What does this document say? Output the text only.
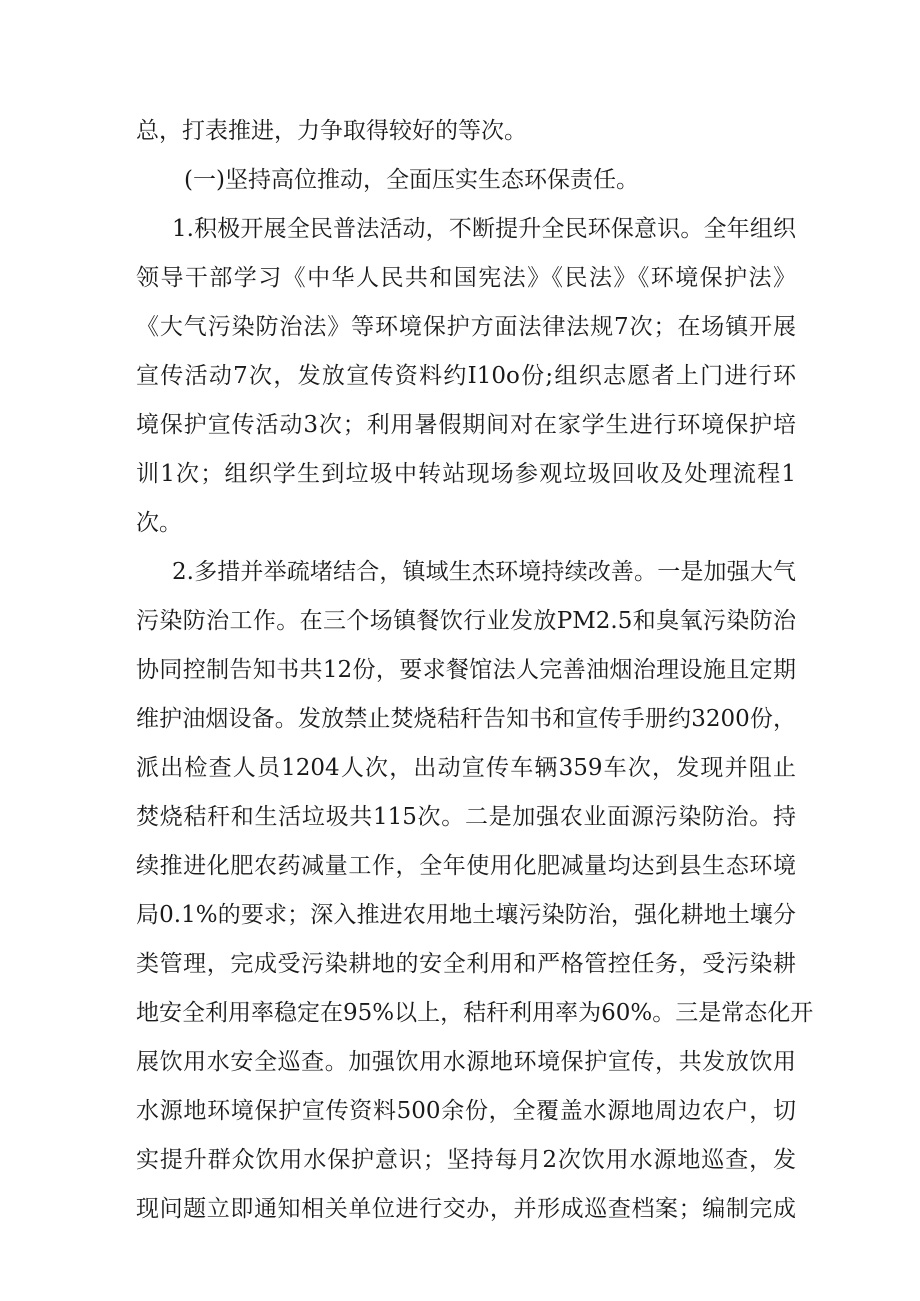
总，打表推进，力争取得较好的等次。
(一)坚持高位推动，全面压实生态环保责任。
1.积极开展全民普法活动，不断提升全民环保意识。全年组织
领导干部学习《中华人民共和国宪法》《民法》《环境保护法》
《大气污染防治法》等环境保护方面法律法规7次；在场镇开展
宣传活动7次，发放宣传资料约I10o份;组织志愿者上门进行环
境保护宣传活动3次；利用暑假期间对在家学生进行环境保护培
训1次；组织学生到垃圾中转站现场参观垃圾回收及处理流程1
次。
2.多措并举疏堵结合，镇域生杰环境持续改善。一是加强大气
污染防治工作。在三个场镇餐饮行业发放PM2.5和臭氧污染防治
协同控制告知书共12份，要求餐馆法人完善油烟治理设施且定期
维护油烟设备。发放禁止焚烧秸秆告知书和宣传手册约3200份，
派出检查人员1204人次，出动宣传车辆359车次，发现并阻止
焚烧秸秆和生活垃圾共115次。二是加强农业面源污染防治。持
续推进化肥农药减量工作，全年使用化肥减量均达到县生态环境
局0.1%的要求；深入推进农用地土壤污染防治，强化耕地土壤分
类管理，完成受污染耕地的安全利用和严格管控任务，受污染耕
地安全利用率稳定在95%以上，秸秆利用率为60%。三是常态化开
展饮用水安全巡查。加强饮用水源地环境保护宣传，共发放饮用
水源地环境保护宣传资料500余份，全覆盖水源地周边农户，切
实提升群众饮用水保护意识；坚持每月2次饮用水源地巡查，发
现问题立即通知相关单位进行交办，并形成巡查档案；编制完成
